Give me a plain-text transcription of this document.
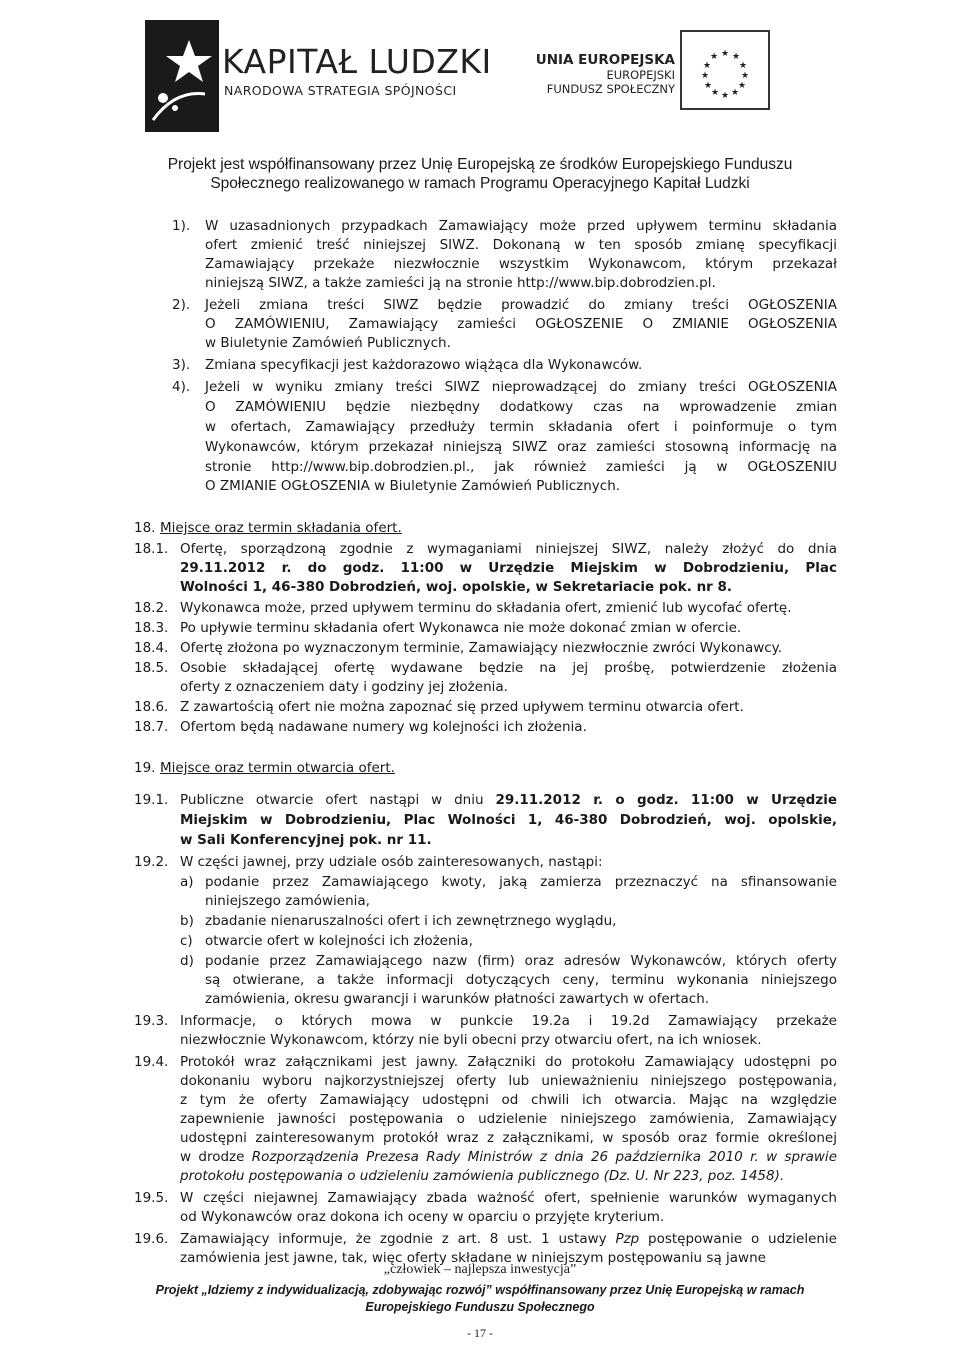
KAPITAŁ LUDZKI
NARODOWA STRATEGIA SPÓJNOŚCI
UNIA EUROPEJSKA
EUROPEJSKI
FUNDUSZ SPOŁECZNY
★ ★
★
★
★
★
★
★
★
★
★
★
Projekt jest współfinansowany przez Unię Europejską ze środków Europejskiego Funduszu
Społecznego realizowanego w ramach Programu Operacyjnego Kapitał Ludzki
1). W uzasadnionych przypadkach Zamawiający może przed upływem terminu składania
ofert zmienić treść niniejszej SIWZ. Dokonaną w ten sposób zmianę specyfikacji
Zamawiający przekaże niezwłocznie wszystkim Wykonawcom, którym przekazał
niniejszą SIWZ, a także zamieści ją na stronie http://www.bip.dobrodzien.pl.
2). Jeżeli zmiana treści SIWZ będzie prowadzić do zmiany treści OGŁOSZENIA
O ZAMÓWIENIU, Zamawiający zamieści OGŁOSZENIE O ZMIANIE OGŁOSZENIA
w Biuletynie Zamówień Publicznych.
3). Zmiana specyfikacji jest każdorazowo wiążąca dla Wykonawców.
4). Jeżeli w wyniku zmiany treści SIWZ nieprowadzącej do zmiany treści OGŁOSZENIA
O ZAMÓWIENIU będzie niezbędny dodatkowy czas na wprowadzenie zmian
w ofertach, Zamawiający przedłuży termin składania ofert i poinformuje o tym
Wykonawców, którym przekazał niniejszą SIWZ oraz zamieści stosowną informację na
stronie http://www.bip.dobrodzien.pl., jak również zamieści ją w OGŁOSZENIU
O ZMIANIE OGŁOSZENIA w Biuletynie Zamówień Publicznych.
18. Miejsce oraz termin składania ofert.
18.1. Ofertę, sporządzoną zgodnie z wymaganiami niniejszej SIWZ, należy złożyć do dnia
29.11.2012 r. do godz. 11:00 w Urzędzie Miejskim w Dobrodzieniu, Plac
Wolności 1, 46-380 Dobrodzień, woj. opolskie, w Sekretariacie pok. nr 8.
18.2. Wykonawca może, przed upływem terminu do składania ofert, zmienić lub wycofać ofertę.
18.3. Po upływie terminu składania ofert Wykonawca nie może dokonać zmian w ofercie.
18.4. Ofertę złożona po wyznaczonym terminie, Zamawiający niezwłocznie zwróci Wykonawcy.
18.5. Osobie składającej ofertę wydawane będzie na jej prośbę, potwierdzenie złożenia
oferty z oznaczeniem daty i godziny jej złożenia.
18.6. Z zawartością ofert nie można zapoznać się przed upływem terminu otwarcia ofert.
18.7. Ofertom będą nadawane numery wg kolejności ich złożenia.
19. Miejsce oraz termin otwarcia ofert.
19.1. Publiczne otwarcie ofert nastąpi w dniu 29.11.2012 r. o godz. 11:00 w Urzędzie
Miejskim w Dobrodzieniu, Plac Wolności 1, 46-380 Dobrodzień, woj. opolskie,
w Sali Konferencyjnej pok. nr 11.
19.2. W części jawnej, przy udziale osób zainteresowanych, nastąpi:
a) podanie przez Zamawiającego kwoty, jaką zamierza przeznaczyć na sfinansowanie
niniejszego zamówienia,
b) zbadanie nienaruszalności ofert i ich zewnętrznego wyglądu,
c) otwarcie ofert w kolejności ich złożenia,
d) podanie przez Zamawiającego nazw (firm) oraz adresów Wykonawców, których oferty
są otwierane, a także informacji dotyczących ceny, terminu wykonania niniejszego
zamówienia, okresu gwarancji i warunków płatności zawartych w ofertach.
19.3. Informacje, o których mowa w punkcie 19.2a i 19.2d Zamawiający przekaże
niezwłocznie Wykonawcom, którzy nie byli obecni przy otwarciu ofert, na ich wniosek.
19.4. Protokół wraz załącznikami jest jawny. Załączniki do protokołu Zamawiający udostępni po
dokonaniu wyboru najkorzystniejszej oferty lub unieważnieniu niniejszego postępowania,
z tym że oferty Zamawiający udostępni od chwili ich otwarcia. Mając na względzie
zapewnienie jawności postępowania o udzielenie niniejszego zamówienia, Zamawiający
udostępni zainteresowanym protokół wraz z załącznikami, w sposób oraz formie określonej
w drodze Rozporządzenia Prezesa Rady Ministrów z dnia 26 października 2010 r. w sprawie
protokołu postępowania o udzieleniu zamówienia publicznego (Dz. U. Nr 223, poz. 1458).
19.5. W części niejawnej Zamawiający zbada ważność ofert, spełnienie warunków wymaganych
od Wykonawców oraz dokona ich oceny w oparciu o przyjęte kryterium.
19.6. Zamawiający informuje, że zgodnie z art. 8 ust. 1 ustawy Pzp postępowanie o udzielenie
zamówienia jest jawne, tak, więc oferty składane w niniejszym postępowaniu są jawne
„człowiek – najlepsza inwestycja”
Projekt „Idziemy z indywidualizacją, zdobywając rozwój” współfinansowany przez Unię Europejską w ramach
Europejskiego Funduszu Społecznego
- 17 -
